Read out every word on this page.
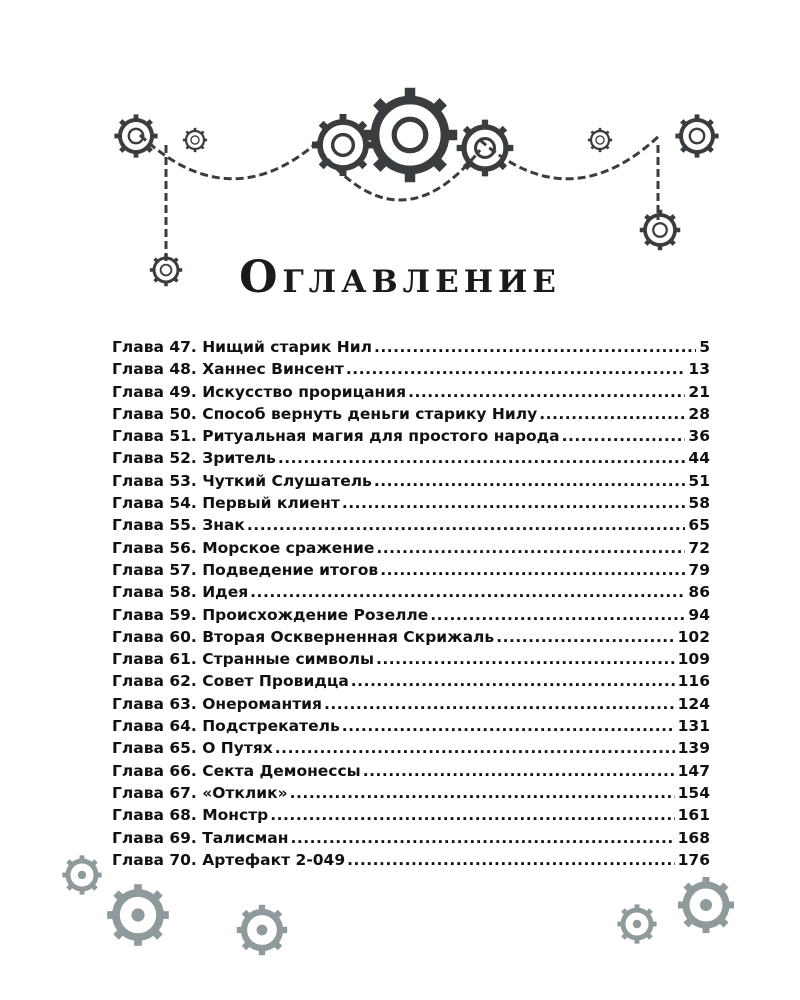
Оглавление
Глава 47. Нищий старик Нил .....	5
Глава 48. Ханнес Винсент .....	13
Глава 49. Искусство прорицания .....	21
Глава 50. Способ вернуть деньги старику Нилу .....	28
Глава 51. Ритуальная магия для простого народа .....	36
Глава 52. Зритель .....	44
Глава 53. Чуткий Слушатель .....	51
Глава 54. Первый клиент .....	58
Глава 55. Знак .....	65
Глава 56. Морское сражение .....	72
Глава 57. Подведение итогов .....	79
Глава 58. Идея .....	86
Глава 59. Происхождение Розелле .....	94
Глава 60. Вторая Оскверненная Скрижаль .....	102
Глава 61. Странные символы .....	109
Глава 62. Совет Провидца .....	116
Глава 63. Онеромантия .....	124
Глава 64. Подстрекатель .....	131
Глава 65. О Путях .....	139
Глава 66. Секта Демонессы .....	147
Глава 67. «Отклик» .....	154
Глава 68. Монстр .....	161
Глава 69. Талисман .....	168
Глава 70. Артефакт 2-049 .....	176
